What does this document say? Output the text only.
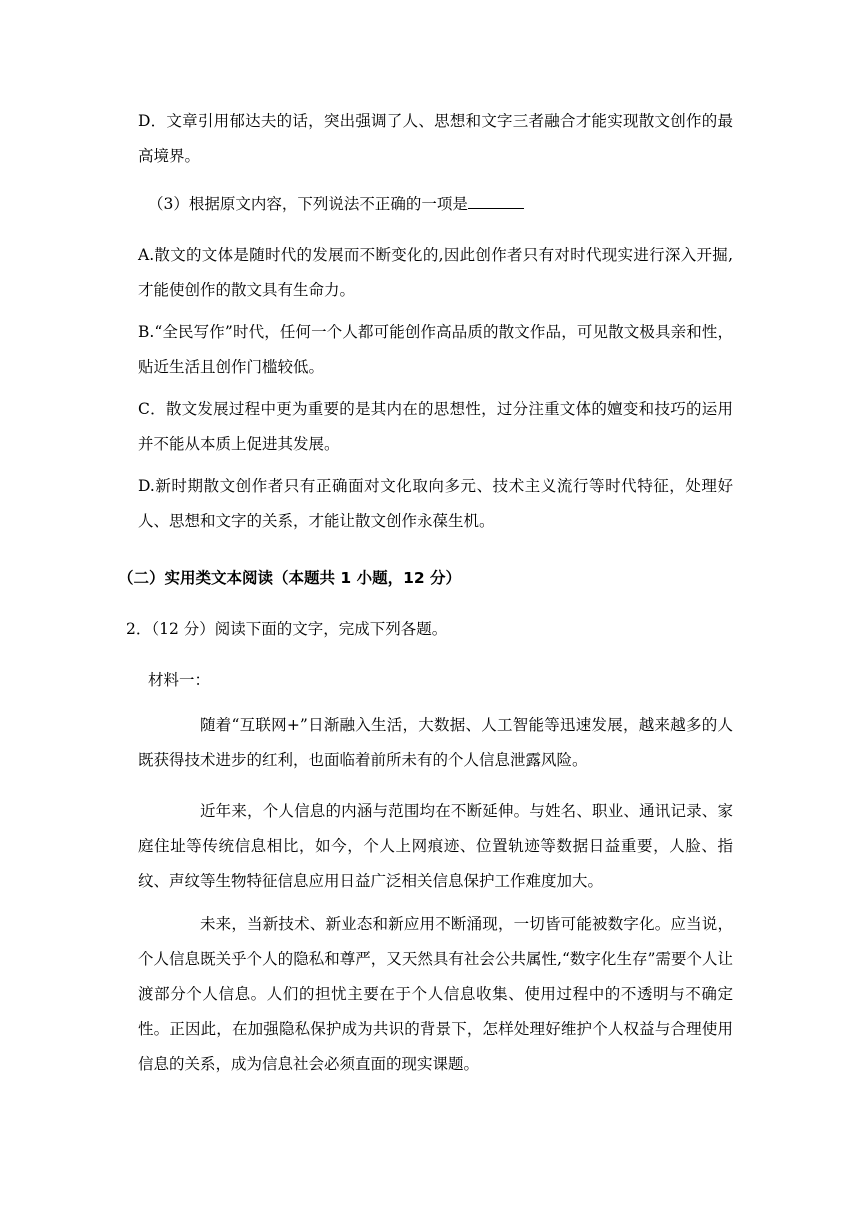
D．文章引用郁达夫的话，突出强调了人、思想和文字三者融合才能实现散文创作的最高境界。
（3）根据原文内容，下列说法不正确的一项是
A.散文的文体是随时代的发展而不断变化的,因此创作者只有对时代现实进行深入开掘,才能使创作的散文具有生命力。
B.“全民写作”时代，任何一个人都可能创作高品质的散文作品，可见散文极具亲和性，贴近生活且创作门槛较低。
C．散文发展过程中更为重要的是其内在的思想性，过分注重文体的嬗变和技巧的运用并不能从本质上促进其发展。
D.新时期散文创作者只有正确面对文化取向多元、技术主义流行等时代特征，处理好人、思想和文字的关系，才能让散文创作永葆生机。
（二）实用类文本阅读（本题共 1 小题，12 分）
2．（12 分）阅读下面的文字，完成下列各题。
材料一：
随着“互联网+”日渐融入生活，大数据、人工智能等迅速发展，越来越多的人既获得技术进步的红利，也面临着前所未有的个人信息泄露风险。
近年来，个人信息的内涵与范围均在不断延伸。与姓名、职业、通讯记录、家庭住址等传统信息相比，如今，个人上网痕迹、位置轨迹等数据日益重要，人脸、指纹、声纹等生物特征信息应用日益广泛相关信息保护工作难度加大。
未来，当新技术、新业态和新应用不断涌现，一切皆可能被数字化。应当说，个人信息既关乎个人的隐私和尊严，又天然具有社会公共属性,“数字化生存”需要个人让渡部分个人信息。人们的担忧主要在于个人信息收集、使用过程中的不透明与不确定性。正因此，在加强隐私保护成为共识的背景下，怎样处理好维护个人权益与合理使用信息的关系，成为信息社会必须直面的现实课题。
